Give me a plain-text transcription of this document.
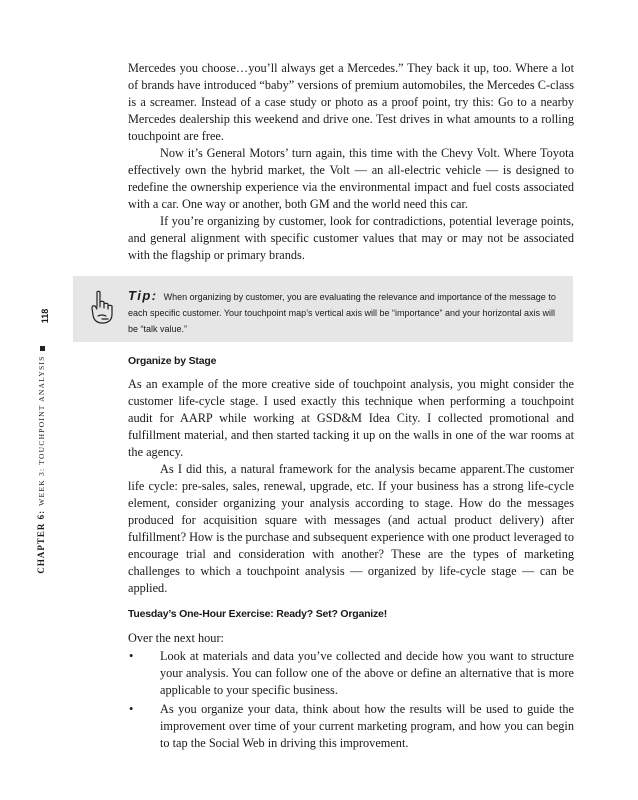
118
CHAPTER 6:WEEK 3: TOUCHPOINT ANALYSIS

Mercedes you choose…you’ll always get a Mercedes.” They back it up, too. Where a lot of brands have introduced “baby” versions of premium automobiles, the Mercedes C-class is a screamer. Instead of a case study or photo as a proof point, try this: Go to a nearby Mercedes dealership this weekend and drive one. Test drives in what amounts to a rolling touchpoint are free.

Now it’s General Motors’ turn again, this time with the Chevy Volt. Where Toyota effectively own the hybrid market, the Volt — an all-electric vehicle — is designed to redefine the ownership experience via the environmental impact and fuel costs associated with a car. One way or another, both GM and the world need this car.

If you’re organizing by customer, look for contradictions, potential leverage points, and general alignment with specific customer values that may or may not be associated with the flagship or primary brands.

Tip: When organizing by customer, you are evaluating the relevance and importance of the message to each specific customer. Your touchpoint map’s vertical axis will be “importance” and your horizontal axis will be “talk value.”
Organize by Stage

As an example of the more creative side of touchpoint analysis, you might consider the customer life-cycle stage. I used exactly this technique when performing a touchpoint audit for AARP while working at GSD&M Idea City. I collected promotional and fulfillment material, and then started tacking it up on the walls in one of the war rooms at the agency.

As I did this, a natural framework for the analysis became apparent.The customer life cycle: pre-sales, sales, renewal, upgrade, etc. If your business has a strong life-cycle element, consider organizing your analysis according to stage. How do the messages produced for acquisition square with messages (and actual product delivery) after fulfillment? How is the purchase and subsequent experience with one product leveraged to encourage trial and consideration with another? These are the types of marketing challenges to which a touchpoint analysis — organized by life-cycle stage — can be applied.

Tuesday’s One-Hour Exercise: Ready? Set? Organize!

Over the next hour:

• Look at materials and data you’ve collected and decide how you want to structure your analysis. You can follow one of the above or define an alternative that is more applicable to your specific business.
• As you organize your data, think about how the results will be used to guide the improvement over time of your current marketing program, and how you can begin to tap the Social Web in driving this improvement.
